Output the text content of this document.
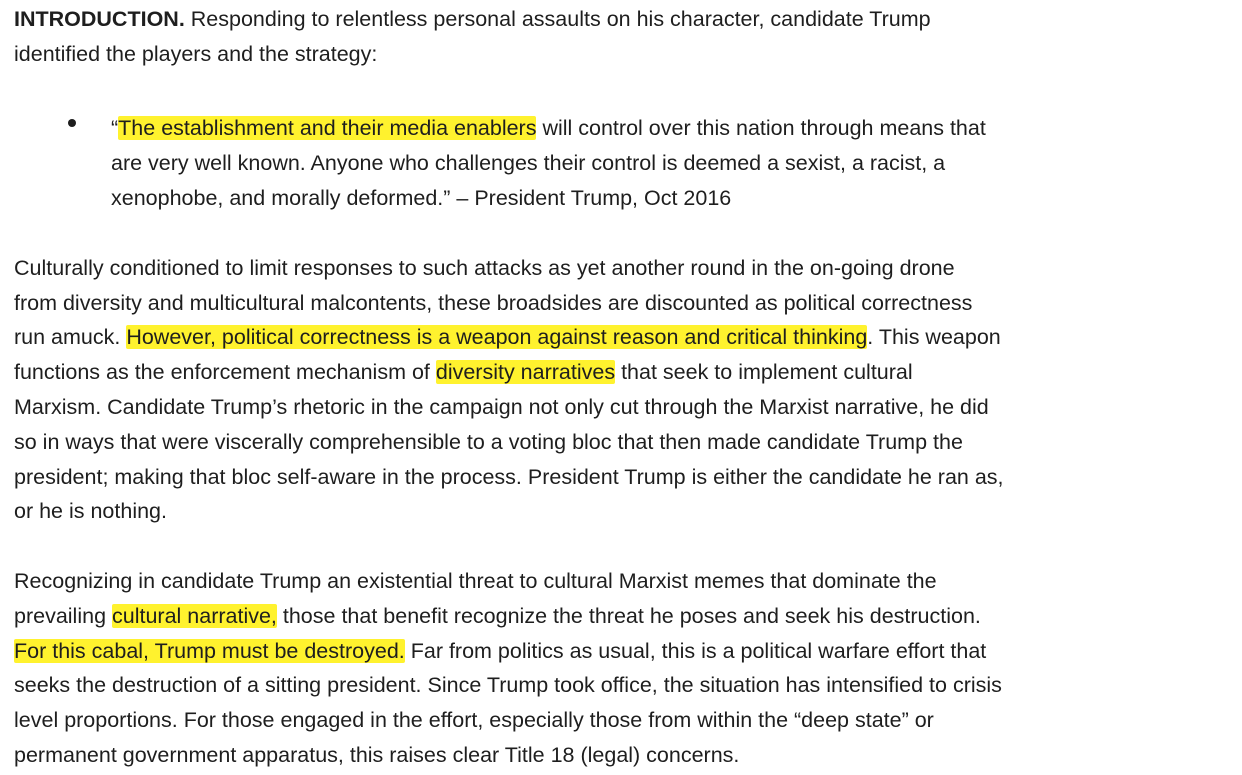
INTRODUCTION. Responding to relentless personal assaults on his character, candidate Trump
identified the players and the strategy:
“The establishment and their media enablers will control over this nation through means that
are very well known. Anyone who challenges their control is deemed a sexist, a racist, a
xenophobe, and morally deformed.” – President Trump, Oct 2016
Culturally conditioned to limit responses to such attacks as yet another round in the on-going drone
from diversity and multicultural malcontents, these broadsides are discounted as political correctness
run amuck. However, political correctness is a weapon against reason and critical thinking. This weapon
functions as the enforcement mechanism of diversity narratives that seek to implement cultural
Marxism. Candidate Trump’s rhetoric in the campaign not only cut through the Marxist narrative, he did
so in ways that were viscerally comprehensible to a voting bloc that then made candidate Trump the
president; making that bloc self-aware in the process. President Trump is either the candidate he ran as,
or he is nothing.
Recognizing in candidate Trump an existential threat to cultural Marxist memes that dominate the
prevailing cultural narrative, those that benefit recognize the threat he poses and seek his destruction.
For this cabal, Trump must be destroyed. Far from politics as usual, this is a political warfare effort that
seeks the destruction of a sitting president. Since Trump took office, the situation has intensified to crisis
level proportions. For those engaged in the effort, especially those from within the “deep state” or
permanent government apparatus, this raises clear Title 18 (legal) concerns.
